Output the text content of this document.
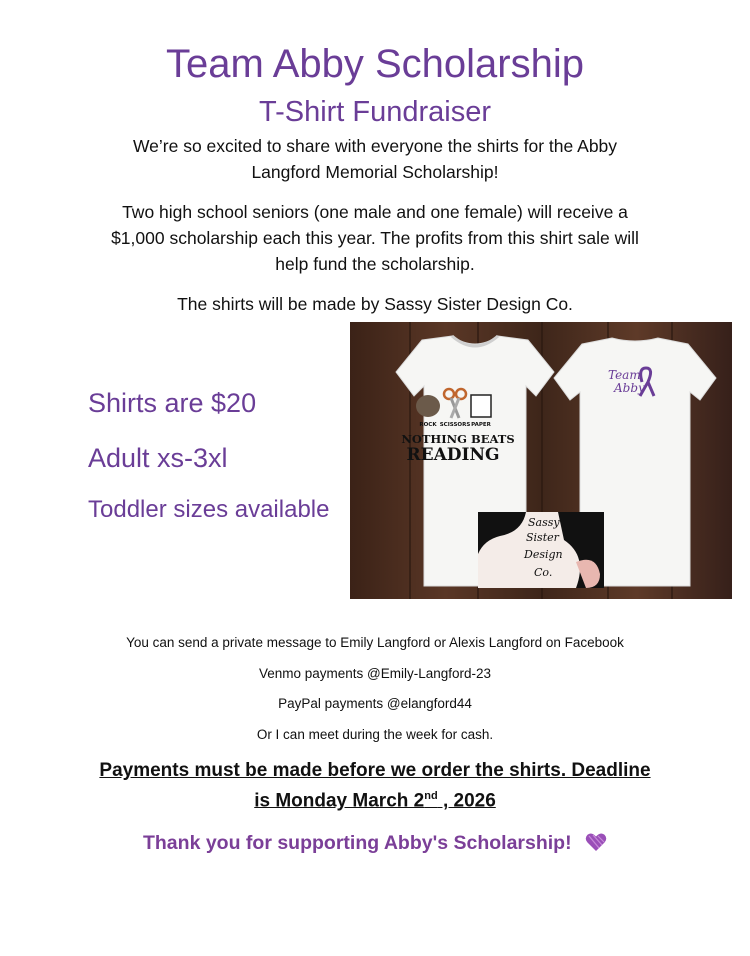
Team Abby Scholarship
T-Shirt Fundraiser
We’re so excited to share with everyone the shirts for the Abby Langford Memorial Scholarship!
Two high school seniors (one male and one female) will receive a $1,000 scholarship each this year. The profits from this shirt sale will help fund the scholarship.
The shirts will be made by Sassy Sister Design Co.
Shirts are $20
Adult xs-3xl
Toddler sizes available
ROCK SCISSORS PAPER
NOTHING BEATS
READING
Team
Abby
Sassy
Sister
Design
Co.
You can send a private message to Emily Langford or Alexis Langford on Facebook
Venmo payments @Emily-Langford-23
PayPal payments @elangford44
Or I can meet during the week for cash.
Payments must be made before we order the shirts. Deadline
is Monday March 2nd , 2026
Thank you for supporting Abby's Scholarship!
